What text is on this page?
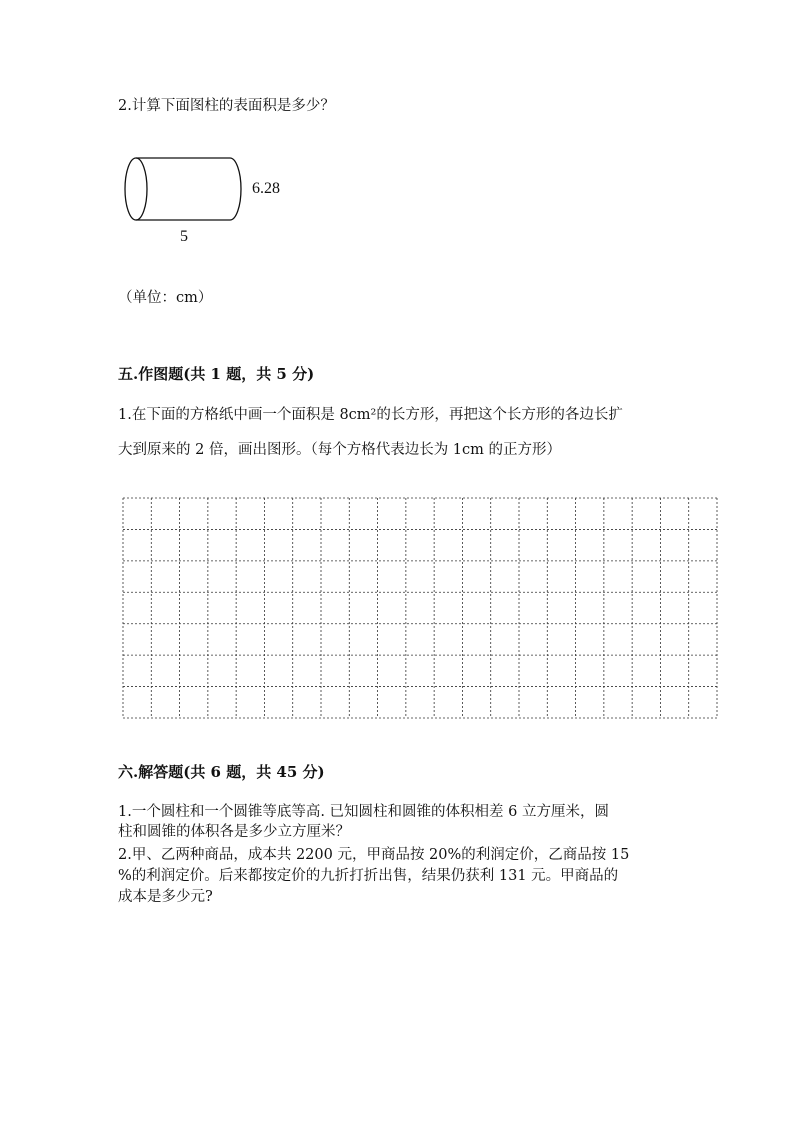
2.计算下面图柱的表面积是多少？
6.28
5
（单位：cm）
五.作图题(共 1 题，共 5 分)
1.在下面的方格纸中画一个面积是 8cm²的长方形，再把这个长方形的各边长扩
大到原来的 2 倍，画出图形。（每个方格代表边长为 1cm 的正方形）
六.解答题(共 6 题，共 45 分)
1.一个圆柱和一个圆锥等底等高. 已知圆柱和圆锥的体积相差 6 立方厘米，圆
柱和圆锥的体积各是多少立方厘米？
2.甲、乙两种商品，成本共 2200 元，甲商品按 20%的利润定价，乙商品按 15
%的利润定价。后来都按定价的九折打折出售，结果仍获利 131 元。甲商品的
成本是多少元?
